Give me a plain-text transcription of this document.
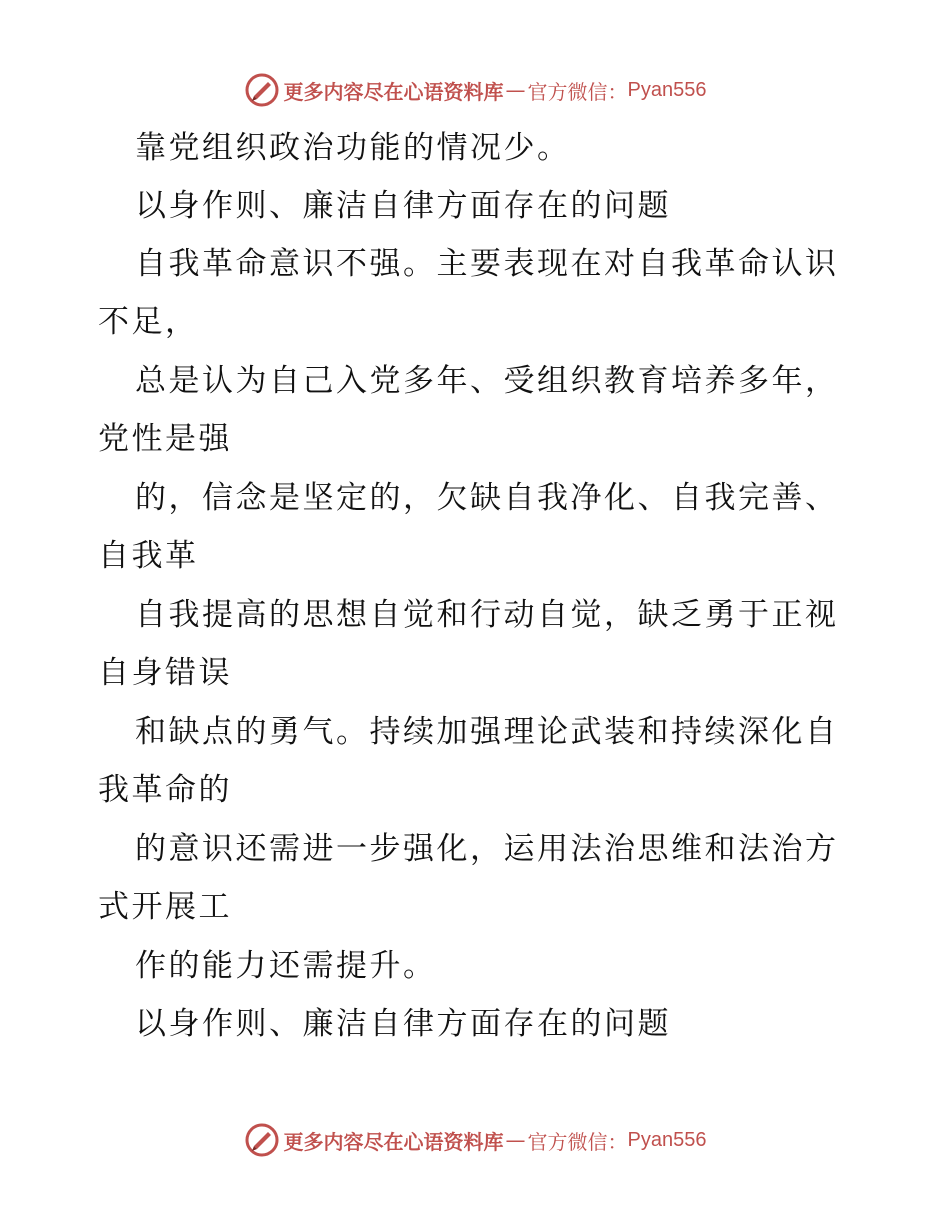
更多内容尽在心语资料库 — 官方微信： Pyan556
靠党组织政治功能的情况少。
以身作则、廉洁自律方面存在的问题
自我革命意识不强。主要表现在对自我革命认识
不足，
总是认为自己入党多年、受组织教育培养多年，
党性是强
的，信念是坚定的，欠缺自我净化、自我完善、
自我革
自我提高的思想自觉和行动自觉，缺乏勇于正视
自身错误
和缺点的勇气。持续加强理论武装和持续深化自
我革命的
的意识还需进一步强化，运用法治思维和法治方
式开展工
作的能力还需提升。
以身作则、廉洁自律方面存在的问题
更多内容尽在心语资料库 — 官方微信： Pyan556
